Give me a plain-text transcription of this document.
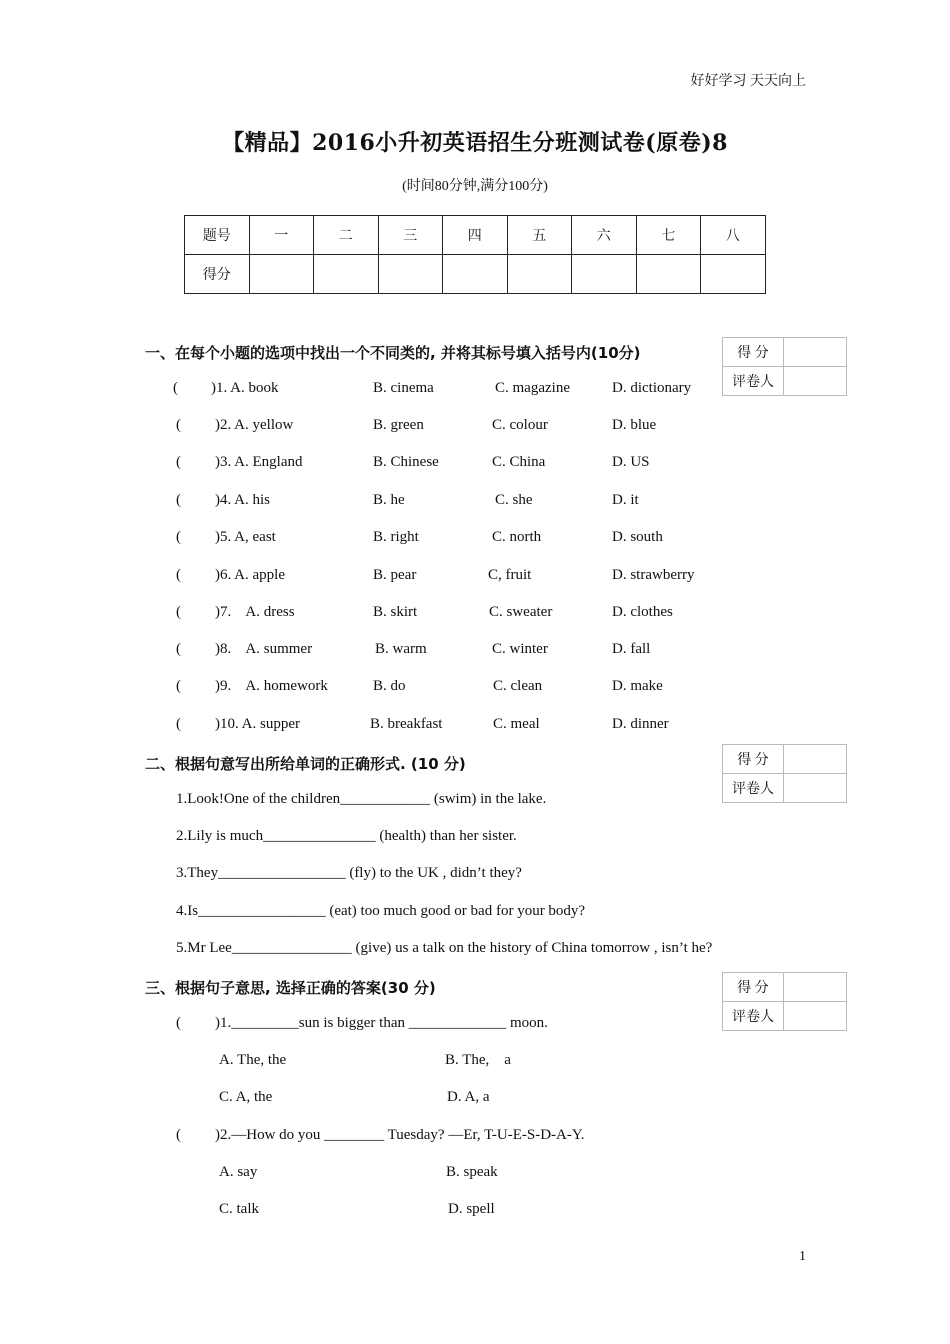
好好学习 天天向上
【精品】2016小升初英语招生分班测试卷(原卷)8
(时间80分钟,满分100分)
题号	一	二	三	四	五	六	七	八
得分								
一、在每个小题的选项中找出一个不同类的, 并将其标号填入括号内(10分)	得 分	
评卷人	
( )1. A. book	B. cinema	C. magazine	D. dictionary
( )2. A. yellow	B. green	C. colour	D. blue
( )3. A. England	B. Chinese	C. China	D. US
( )4. A. his	B. he	C. she	D. it
( )5. A, east	B. right	C. north	D. south
( )6. A. apple	B. pear	C, fruit	D. strawberry
( )7.    A. dress	B. skirt	C. sweater	D. clothes
( )8.    A. summer	B. warm	C. winter	D. fall
( )9.    A. homework	B. do	C. clean	D. make
( )10. A. supper	B. breakfast	C. meal	D. dinner
二、根据句意写出所给单词的正确形式. (10 分)	得 分	
评卷人	
1.Look!One of the children____________ (swim) in the lake.
2.Lily is much_______________ (health) than her sister.
3.They_________________ (fly) to the UK , didn’t they?
4.Is_________________ (eat) too much good or bad for your body?
5.Mr Lee________________ (give) us a talk on the history of China tomorrow , isn’t he?
三、根据句子意思, 选择正确的答案(30 分)	得 分	
评卷人	
( )1._________sun is bigger than _____________ moon.
A. The, the	B. The,    a
C. A, the	D. A, a
( )2.—How do you ________ Tuesday? —Er, T-U-E-S-D-A-Y.
A. say	B. speak
C. talk	D. spell
1
